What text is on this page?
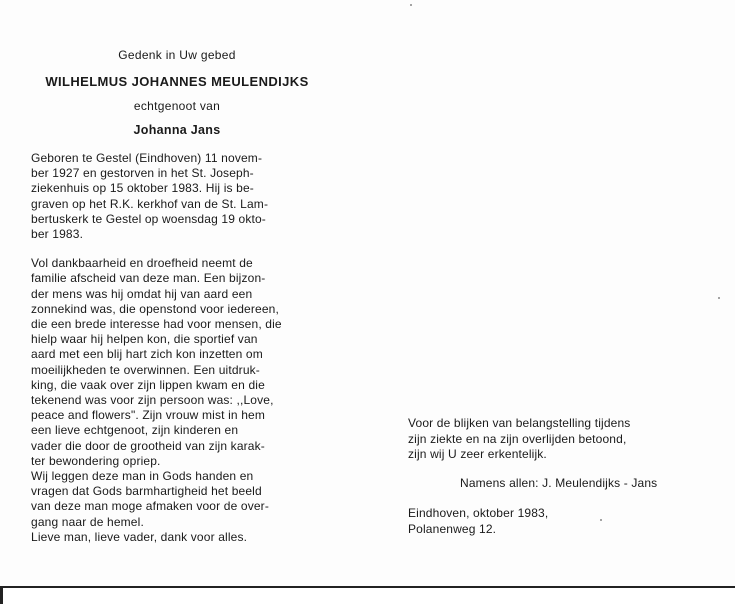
Gedenk in Uw gebed

WILHELMUS JOHANNES MEULENDIJKS

echtgenoot van

Johanna Jans

Geboren te Gestel (Eindhoven) 11 novem-
ber 1927 en gestorven in het St. Joseph-
ziekenhuis op 15 oktober 1983. Hij is be-
graven op het R.K. kerkhof van de St. Lam-
bertuskerk te Gestel op woensdag 19 okto-
ber 1983.
Vol dankbaarheid en droefheid neemt de
familie afscheid van deze man. Een bijzon-
der mens was hij omdat hij van aard een
zonnekind was, die openstond voor iedereen,
die een brede interesse had voor mensen, die
hielp waar hij helpen kon, die sportief van
aard met een blij hart zich kon inzetten om
moeilijkheden te overwinnen. Een uitdruk-
king, die vaak over zijn lippen kwam en die
tekenend was voor zijn persoon was: ,,Love,
peace and flowers". Zijn vrouw mist in hem
een lieve echtgenoot, zijn kinderen en
vader die door de grootheid van zijn karak-
ter bewondering opriep.
Wij leggen deze man in Gods handen en
vragen dat Gods barmhartigheid het beeld
van deze man moge afmaken voor de over-
gang naar de hemel.
Lieve man, lieve vader, dank voor alles.
Voor de blijken van belangstelling tijdens
zijn ziekte en na zijn overlijden betoond,
zijn wij U zeer erkentelijk.
Namens allen: J. Meulendijks - Jans
Eindhoven, oktober 1983,
Polanenweg 12.
